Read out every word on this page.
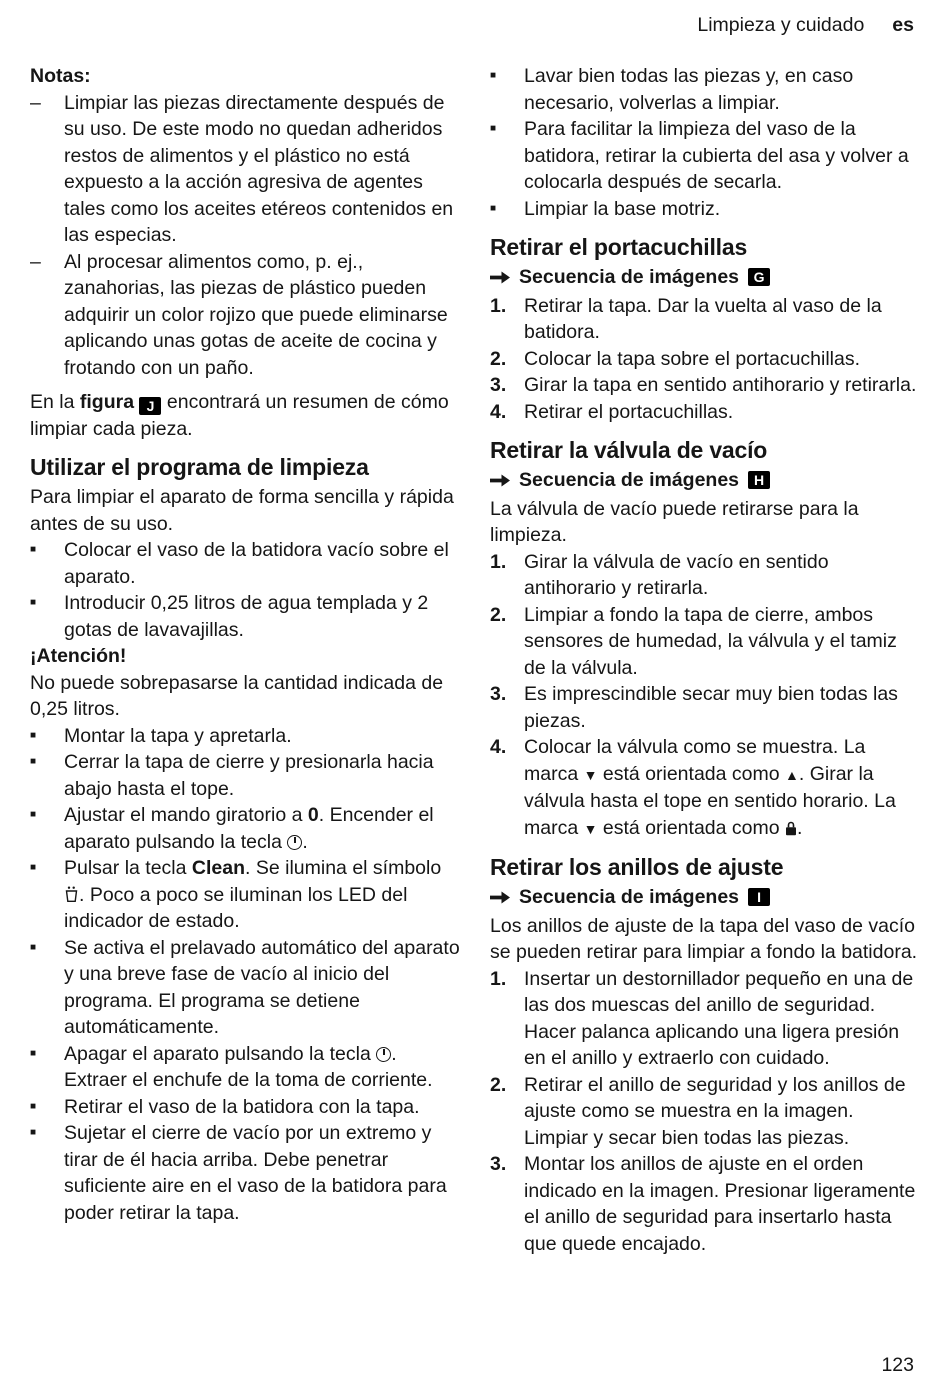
Limpieza y cuidado es
Notas:
–	Limpiar las piezas directamente después de su uso. De este modo no quedan adheridos restos de alimentos y el plástico no está expuesto a la acción agresiva de agentes tales como los aceites etéreos contenidos en las especias.
–	Al procesar alimentos como, p. ej., zanahorias, las piezas de plástico pueden adquirir un color rojizo que puede eliminarse aplicando unas gotas de aceite de cocina y frotando con un paño.
En la figura J encontrará un resumen de cómo limpiar cada pieza.
Utilizar el programa de limpieza
Para limpiar el aparato de forma sencilla y rápida antes de su uso.
■	Colocar el vaso de la batidora vacío sobre el aparato.
■	Introducir 0,25 litros de agua templada y 2 gotas de lavavajillas.
¡Atención!
No puede sobrepasarse la cantidad indicada de 0,25 litros.
■	Montar la tapa y apretarla.
■	Cerrar la tapa de cierre y presionarla hacia abajo hasta el tope.
■	Ajustar el mando giratorio a 0. Encender el aparato pulsando la tecla
.
■	Pulsar la tecla Clean. Se ilumina el símbolo . Poco a poco se iluminan los LED del indicador de estado.
■	Se activa el prelavado automático del aparato y una breve fase de vacío al inicio del programa. El programa se detiene automáticamente.
■	Apagar el aparato pulsando la tecla
. Extraer el enchufe de la toma de corriente.
■	Retirar el vaso de la batidora con la tapa.
■	Sujetar el cierre de vacío por un extremo y tirar de él hacia arriba. Debe penetrar suficiente aire en el vaso de la batidora para poder retirar la tapa.
■	Lavar bien todas las piezas y, en caso necesario, volverlas a limpiar.
■	Para facilitar la limpieza del vaso de la batidora, retirar la cubierta del asa y volver a colocarla después de secarla.
■	Limpiar la base motriz.
Retirar el portacuchillas
Secuencia de imágenes	G
1. Retirar la tapa. Dar la vuelta al vaso de la batidora.
2. Colocar la tapa sobre el portacuchillas.
3. Girar la tapa en sentido antihorario y retirarla.
4. Retirar el portacuchillas.
Retirar la válvula de vacío
Secuencia de imágenes	H
La válvula de vacío puede retirarse para la limpieza.
1. Girar la válvula de vacío en sentido antihorario y retirarla.
2. Limpiar a fondo la tapa de cierre, ambos sensores de humedad, la válvula y el tamiz de la válvula.
3. Es imprescindible secar muy bien todas las piezas.
4. Colocar la válvula como se muestra. La marca ▼ está orientada como ▲. Girar la válvula hasta el tope en sentido horario. La marca ▼ está orientada como .
Retirar los anillos de ajuste
Secuencia de imágenes	I
Los anillos de ajuste de la tapa del vaso de vacío se pueden retirar para limpiar a fondo la batidora.
1. Insertar un destornillador pequeño en una de las dos muescas del anillo de seguridad. Hacer palanca aplicando una ligera presión en el anillo y extraerlo con cuidado.
2. Retirar el anillo de seguridad y los anillos de ajuste como se muestra en la imagen. Limpiar y secar bien todas las piezas.
3. Montar los anillos de ajuste en el orden indicado en la imagen. Presionar ligeramente el anillo de seguridad para insertarlo hasta que quede encajado.
123
